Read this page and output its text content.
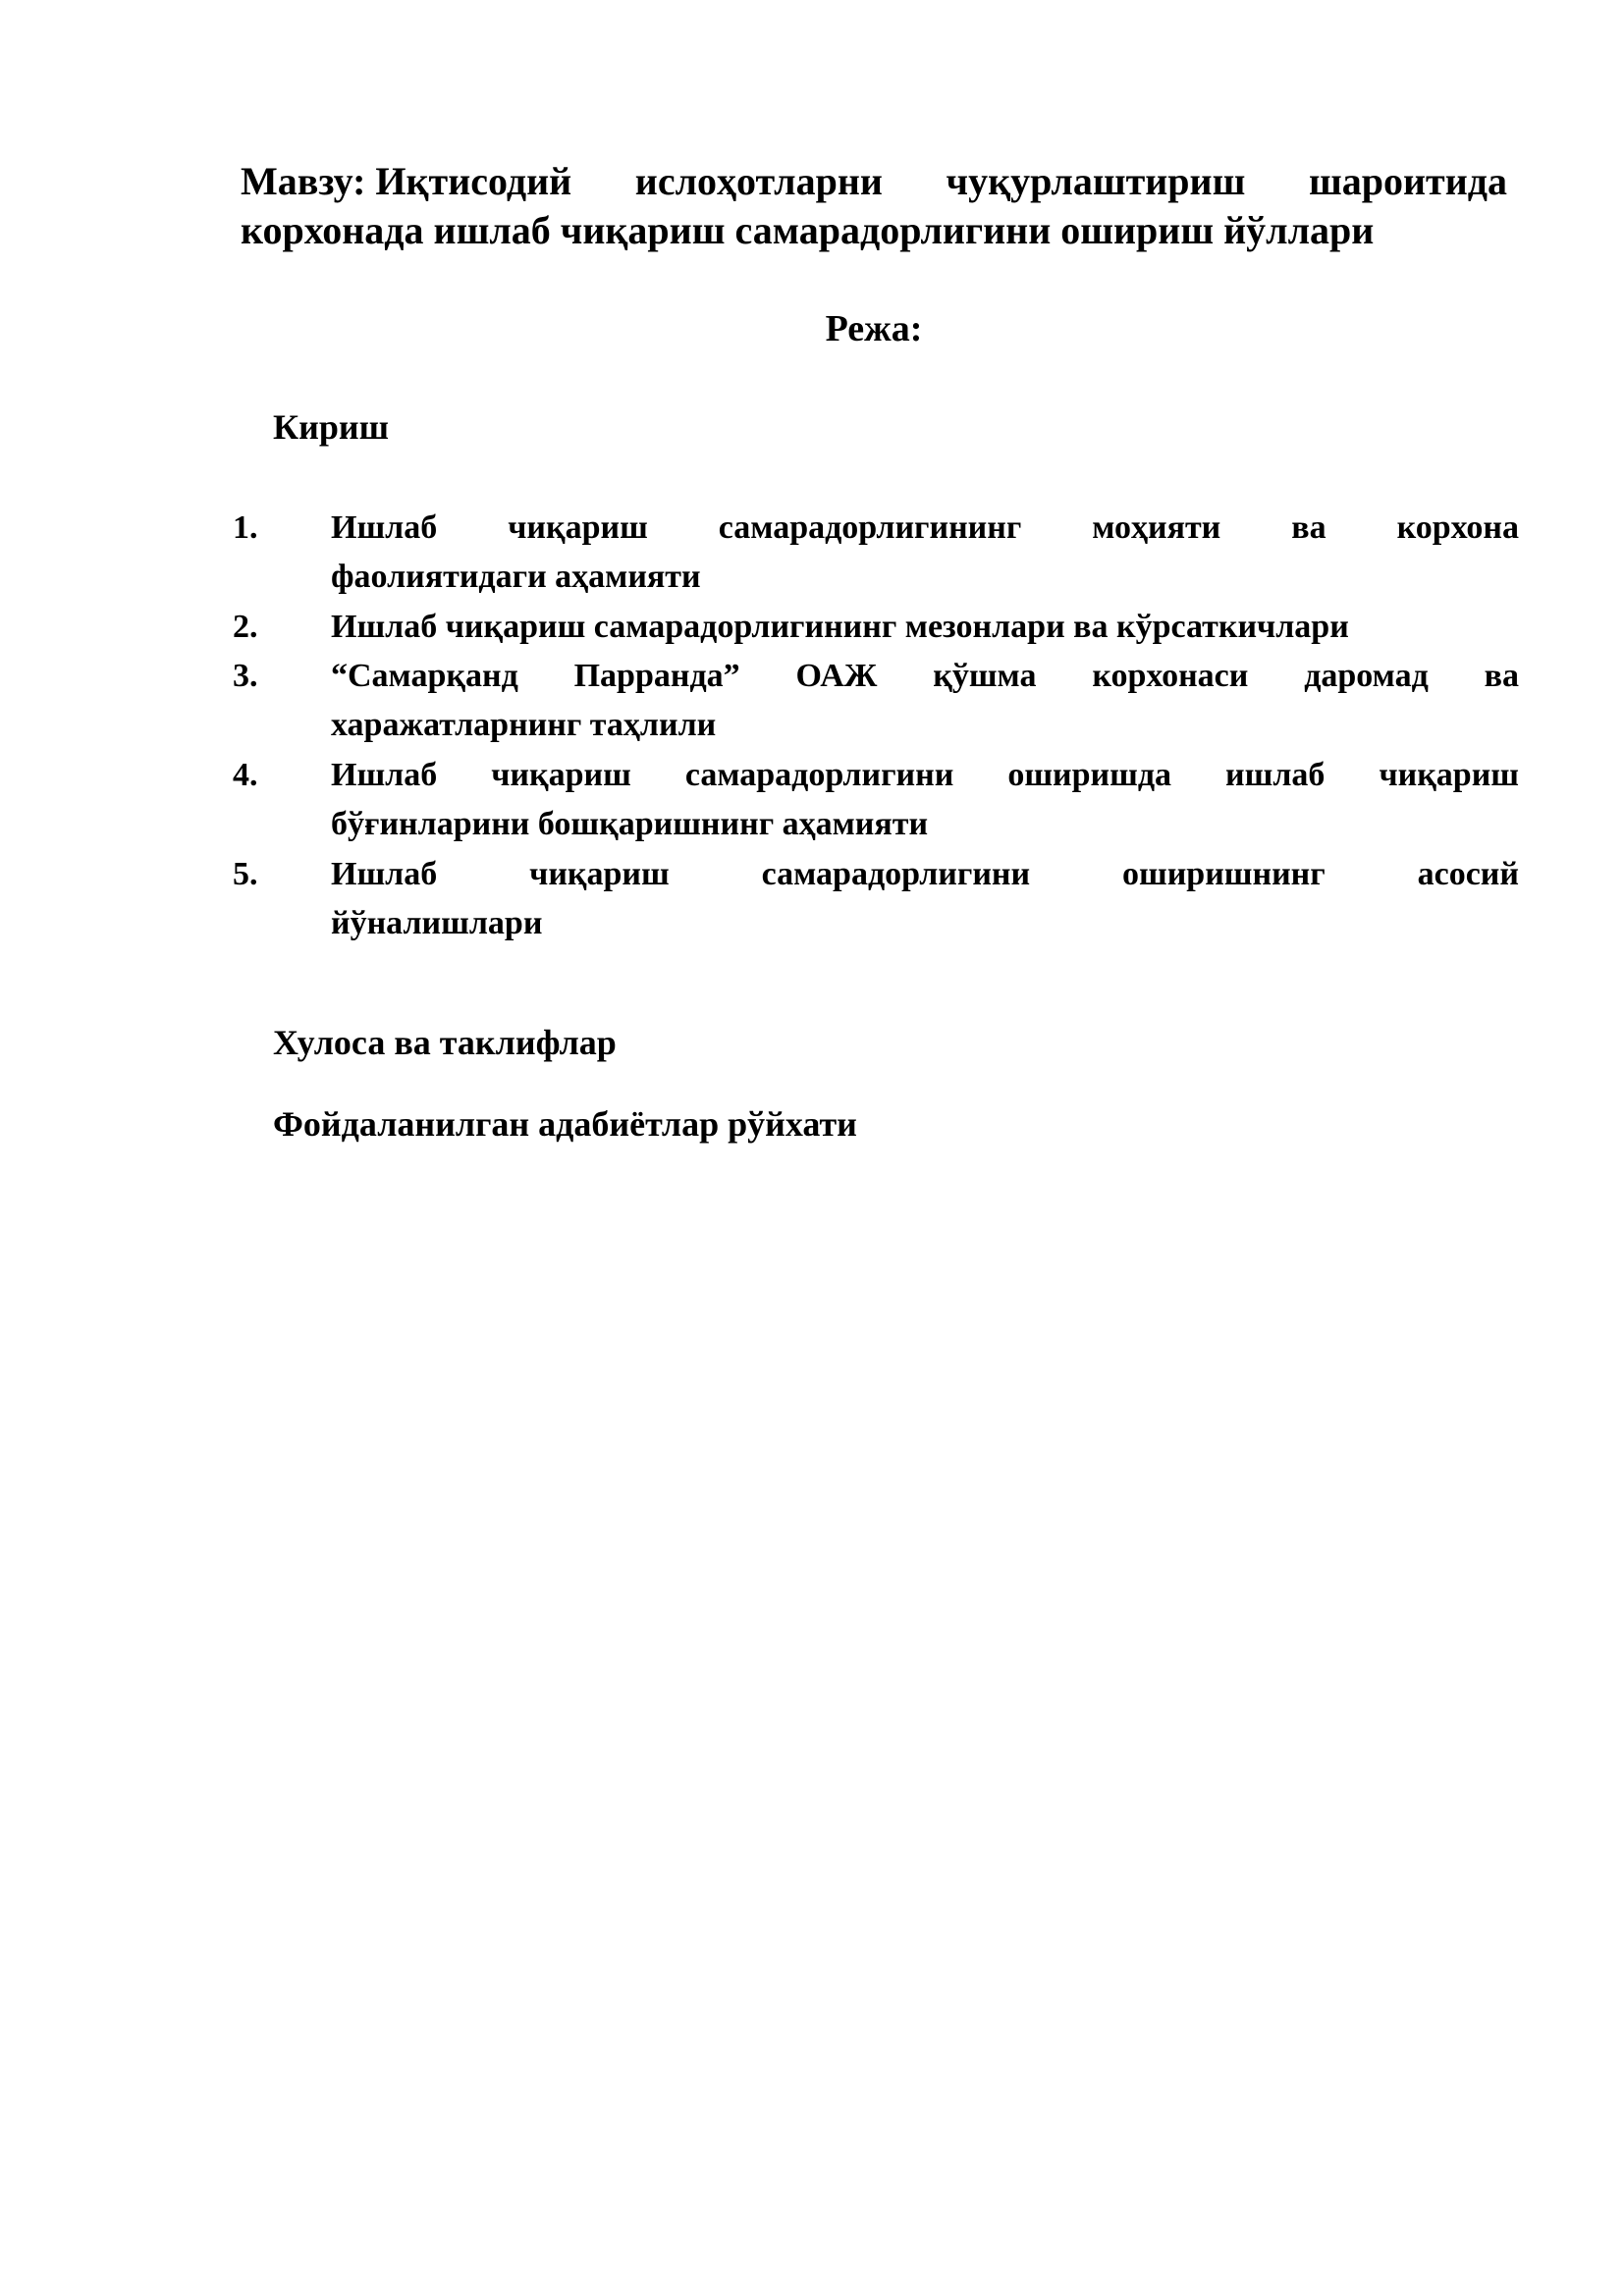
Мавзу: Иқтисодий ислоҳотларни чуқурлаштириш шароитида
корхонада ишлаб чиқариш самарадорлигини ошириш йўллари
Режа:
Кириш
1. Ишлаб чиқариш самарадорлигининг моҳияти ва корхона
фаолиятидаги аҳамияти
2. Ишлаб чиқариш самарадорлигининг мезонлари ва кўрсаткичлари
3. “Самарқанд Парранда” ОАЖ қўшма корхонаси даромад ва
харажатларнинг таҳлили
4. Ишлаб чиқариш самарадорлигини оширишда ишлаб чиқариш
бўғинларини бошқаришнинг аҳамияти
5. Ишлаб	чиқариш	самарадорлигини	оширишнинг	асосий
йўналишлари
Хулоса ва таклифлар
Фойдаланилган адабиётлар рўйхати
